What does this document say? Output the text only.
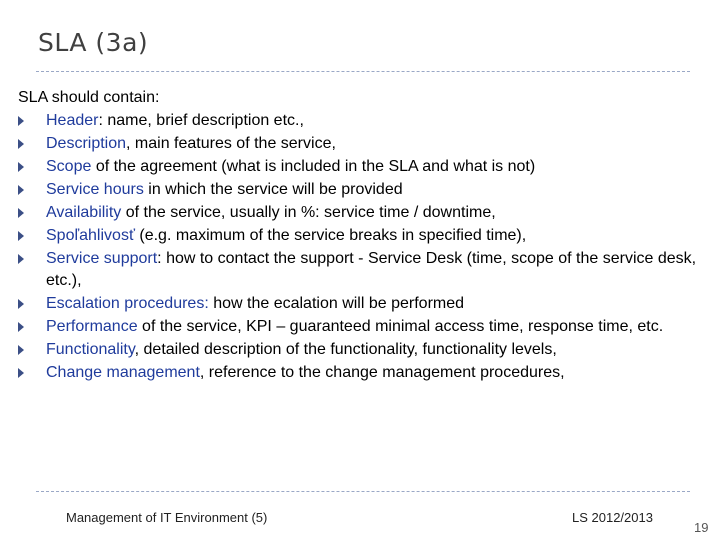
SLA (3a)

SLA should contain:

Header: name, brief description etc.,
Description, main features of the service,
Scope of the agreement (what is included in the SLA and what is not)
Service hours in which the service will be provided
Availability of the service, usually in %: service time / downtime,
Spoľahlivosť (e.g. maximum of the service breaks in specified time),
Service support: how to contact the support - Service Desk (time, scope of the service desk, etc.),
Escalation procedures: how the ecalation will be performed
Performance of the service, KPI – guaranteed minimal access time, response time, etc.
Functionality, detailed description of the functionality, functionality levels,
Change management, reference to the change management procedures,
Management of IT Environment (5)	LS 2012/2013
19
